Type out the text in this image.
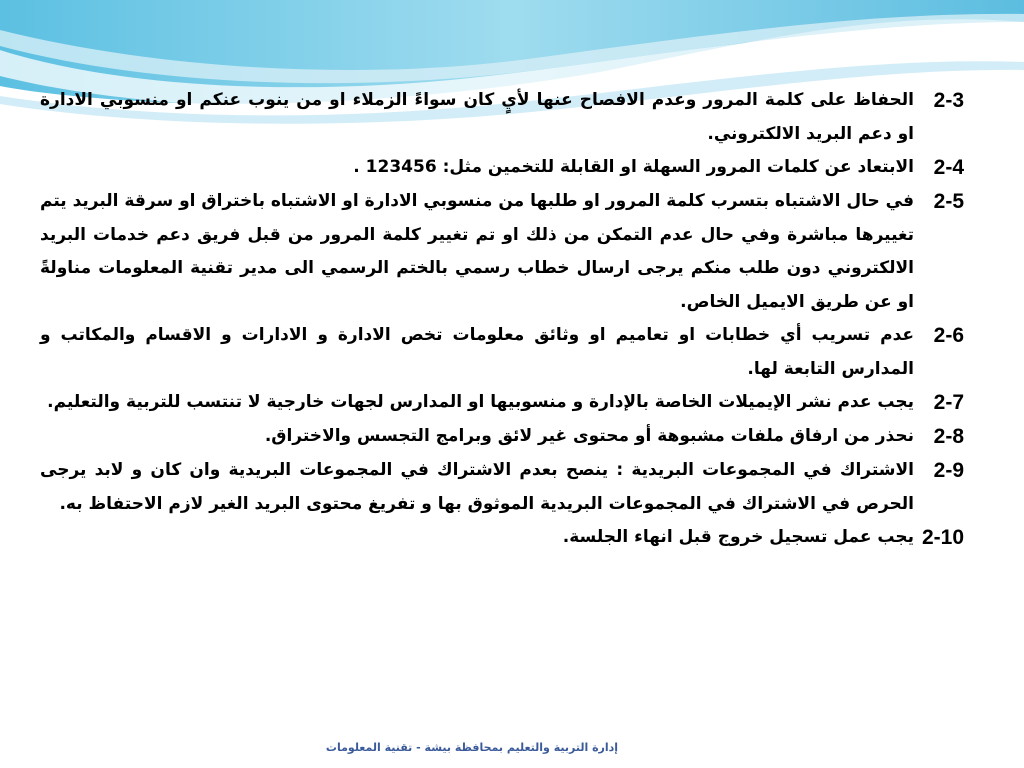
2-3
الحفاظ على كلمة المرور وعدم الافصاح عنها لأيٍ كان سواءً الزملاء او من ينوب عنكم او منسوبي الادارة او دعم البريد الالكتروني.
2-4
الابتعاد عن كلمات المرور السهلة او القابلة للتخمين مثل: 123456 .
2-5
في حال الاشتباه بتسرب كلمة المرور او طلبها من منسوبي الادارة او الاشتباه باختراق او سرقة البريد يتم تغييرها مباشرة وفي حال عدم التمكن من ذلك او تم تغيير كلمة المرور من قبل فريق دعم خدمات البريد الالكتروني دون طلب منكم يرجى ارسال خطاب رسمي بالختم الرسمي الى مدير تقنية المعلومات مناولةً او عن طريق الايميل الخاص.
2-6
عدم تسريب أي خطابات او تعاميم او وثائق معلومات تخص الادارة و الادارات و الاقسام والمكاتب و المدارس التابعة لها.
2-7
يجب عدم نشر الإيميلات الخاصة بالإدارة و منسوبيها او المدارس لجهات خارجية لا تنتسب للتربية والتعليم.
2-8
نحذر من ارفاق ملفات مشبوهة أو محتوى غير لائق وبرامج التجسس والاختراق.
2-9
الاشتراك في المجموعات البريدية : ينصح بعدم الاشتراك في المجموعات البريدية وان كان و لابد يرجى الحرص في الاشتراك في المجموعات البريدية الموثوق بها و تفريغ محتوى البريد الغير لازم الاحتفاظ به.
2-10
يجب عمل تسجيل خروج قبل انهاء الجلسة.
إدارة التربية والتعليم بمحافظة بيشة - تقنية المعلومات
